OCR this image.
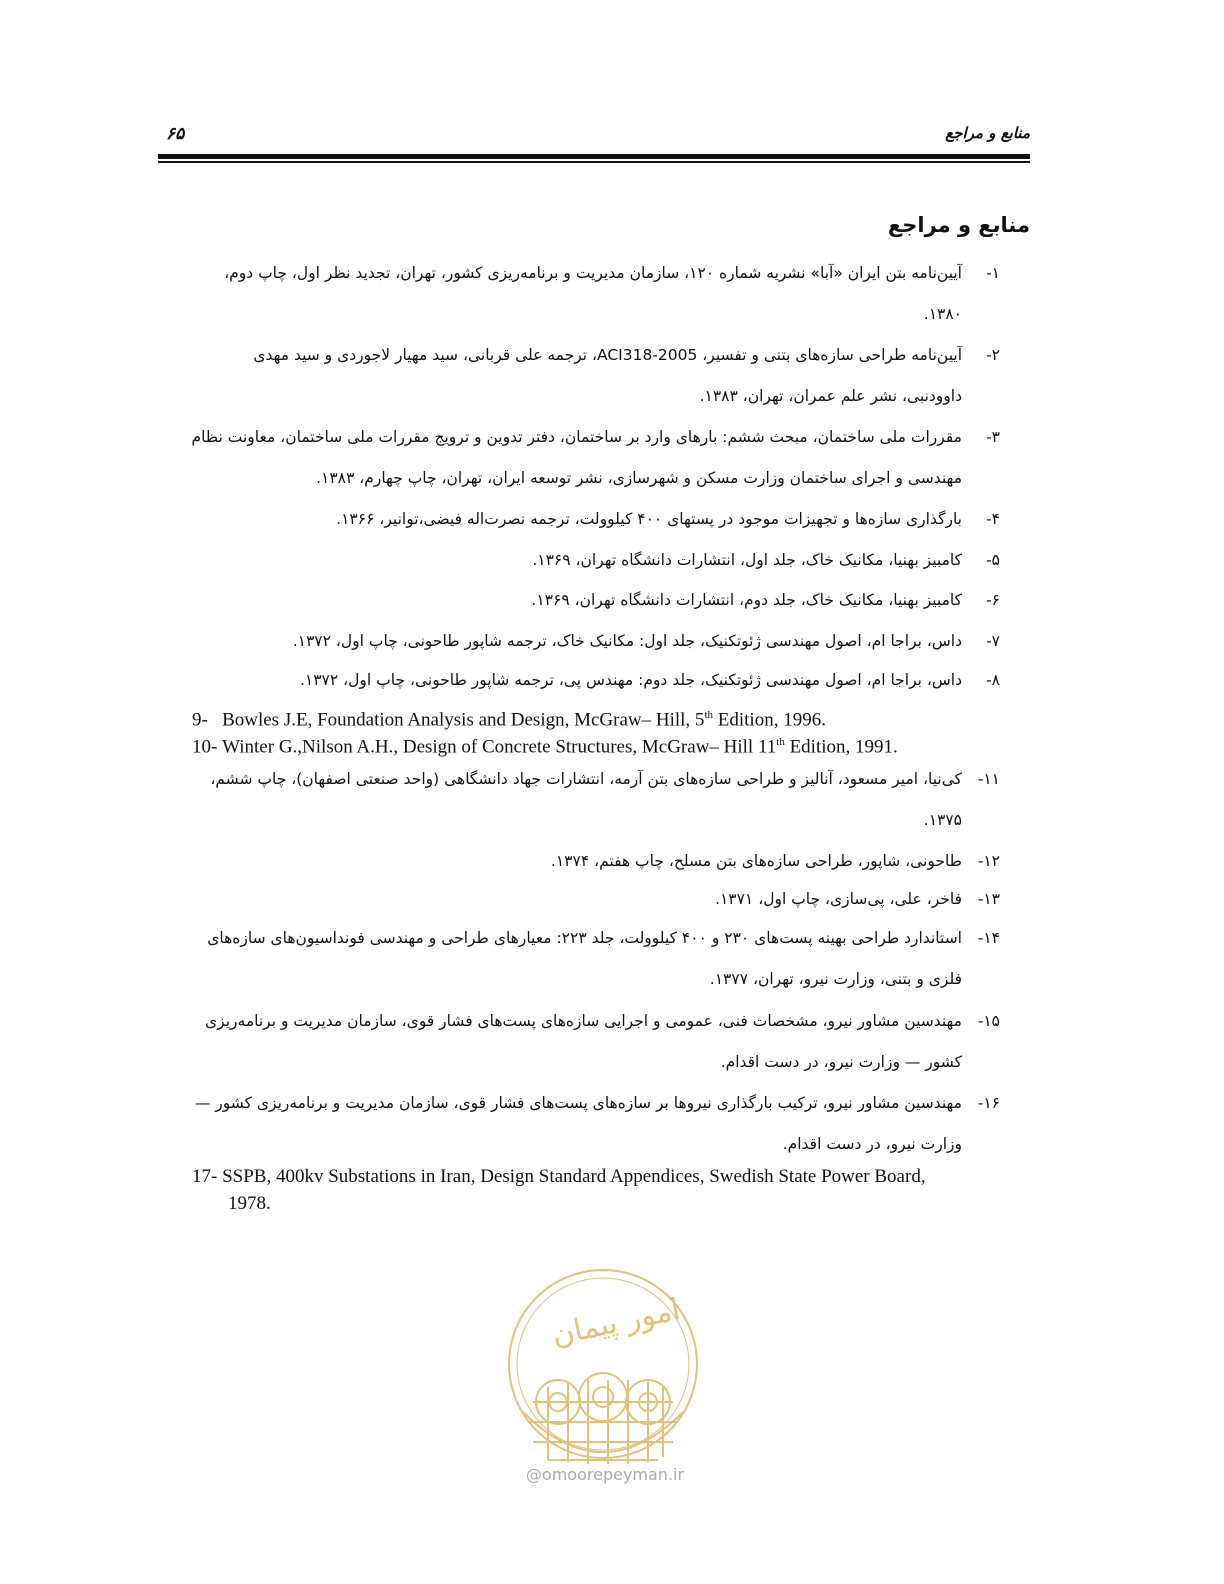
۶۵	منابع و مراجع
منابع و مراجع
۱-آیین‌نامه بتن ایران «آبا» نشریه شماره ۱۲۰، سازمان مدیریت و برنامه‌ریزی کشور، تهران، تجدید نظر اول، چاپ دوم،
۱۳۸۰.
۲-آیین‌نامه طراحی سازه‌های بتنی و تفسیر، ACI318-2005، ترجمه علی قربانی، سید مهیار لاجوردی و سید مهدی
داوودنبی، نشر علم عمران، تهران، ۱۳۸۳.
۳-مقررات ملی ساختمان، مبحث ششم: بارهای وارد بر ساختمان، دفتر تدوین و ترویج مقررات ملی ساختمان، معاونت نظام
مهندسی و اجرای ساختمان وزارت مسکن و شهرسازی، نشر توسعه ایران، تهران، چاپ چهارم، ۱۳۸۳.
۴-بارگذاری سازه‌ها و تجهیزات موجود در پستهای ۴۰۰ کیلوولت، ترجمه نصرت‌اله فیضی،توانیر، ۱۳۶۶.
۵-کامبیز بهنیا، مکانیک خاک، جلد اول، انتشارات دانشگاه تهران، ۱۳۶۹.
۶-کامبیز بهنیا، مکانیک خاک، جلد دوم، انتشارات دانشگاه تهران، ۱۳۶۹.
۷-داس، براجا ام، اصول مهندسی ژئوتکنیک، جلد اول: مکانیک خاک، ترجمه شاپور طاحونی، چاپ اول، ۱۳۷۲.
۸-داس، براجا ام، اصول مهندسی ژئوتکنیک، جلد دوم: مهندس پی، ترجمه شاپور طاحونی، چاپ اول، ۱۳۷۲.
9- Bowles J.E, Foundation Analysis and Design, McGraw– Hill, 5th Edition, 1996.
10- Winter G.,Nilson A.H., Design of Concrete Structures, McGraw– Hill 11th Edition, 1991.
۱۱-کی‌نیا، امیر مسعود، آنالیز و طراحی سازه‌های بتن آرمه، انتشارات جهاد دانشگاهی (واحد صنعتی اصفهان)، چاپ ششم،
۱۳۷۵.
۱۲-طاحونی، شاپور، طراحی سازه‌های بتن مسلح، چاپ هفتم، ۱۳۷۴.
۱۳-فاخر، علی، پی‌سازی، چاپ اول، ۱۳۷۱.
۱۴-استاندارد طراحی بهینه پست‌های ۲۳۰ و ۴۰۰ کیلوولت، جلد ۲۲۳: معیارهای طراحی و مهندسی فونداسیون‌های سازه‌های
فلزی و بتنی، وزارت نیرو، تهران، ۱۳۷۷.
۱۵-مهندسین مشاور نیرو، مشخصات فنی، عمومی و اجرایی سازه‌های پست‌های فشار قوی، سازمان مدیریت و برنامه‌ریزی
کشور — وزارت نیرو، در دست اقدام.
۱۶-مهندسین مشاور نیرو، ترکیب بارگذاری نیروها بر سازه‌های پست‌های فشار قوی، سازمان مدیریت و برنامه‌ریزی کشور —
وزارت نیرو، در دست اقدام.
17- SSPB, 400kv Substations in Iran, Design Standard Appendices, Swedish State Power Board,
1978.
امور پیمان
@omoorepeyman.ir
